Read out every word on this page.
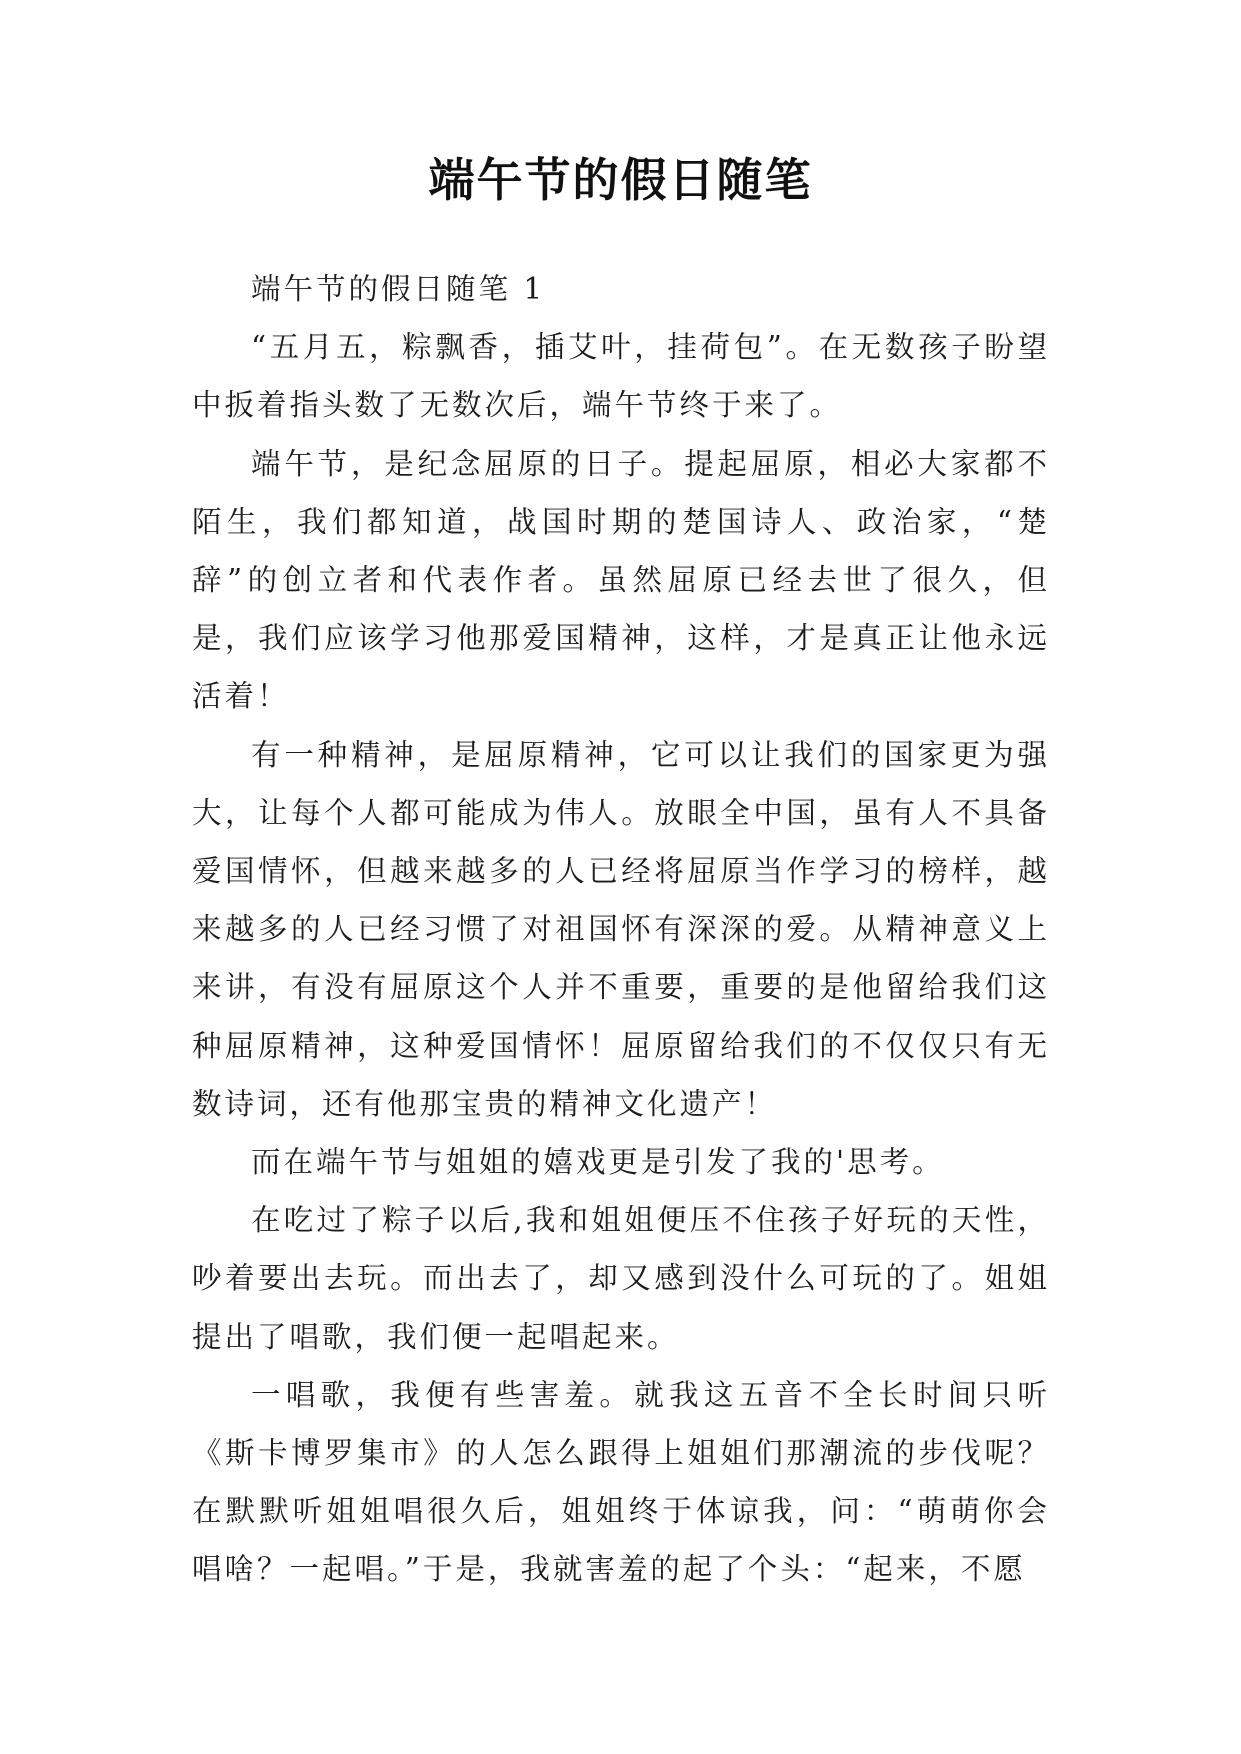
端午节的假日随笔

端午节的假日随笔 1

“五月五，粽飘香，插艾叶，挂荷包”。在无数孩子盼望中扳着指头数了无数次后，端午节终于来了。

端午节，是纪念屈原的日子。提起屈原，相必大家都不陌生，我们都知道，战国时期的楚国诗人、政治家，“楚辞”的创立者和代表作者。虽然屈原已经去世了很久，但是，我们应该学习他那爱国精神，这样，才是真正让他永远活着！

有一种精神，是屈原精神，它可以让我们的国家更为强大，让每个人都可能成为伟人。放眼全中国，虽有人不具备爱国情怀，但越来越多的人已经将屈原当作学习的榜样，越来越多的人已经习惯了对祖国怀有深深的爱。从精神意义上来讲，有没有屈原这个人并不重要，重要的是他留给我们这种屈原精神，这种爱国情怀！屈原留给我们的不仅仅只有无数诗词，还有他那宝贵的精神文化遗产！

而在端午节与姐姐的嬉戏更是引发了我的'思考。

在吃过了粽子以后,我和姐姐便压不住孩子好玩的天性，吵着要出去玩。而出去了，却又感到没什么可玩的了。姐姐提出了唱歌，我们便一起唱起来。

一唱歌，我便有些害羞。就我这五音不全长时间只听《斯卡博罗集市》的人怎么跟得上姐姐们那潮流的步伐呢？在默默听姐姐唱很久后，姐姐终于体谅我，问：“萌萌你会唱啥？一起唱。”于是，我就害羞的起了个头：“起来，不愿
